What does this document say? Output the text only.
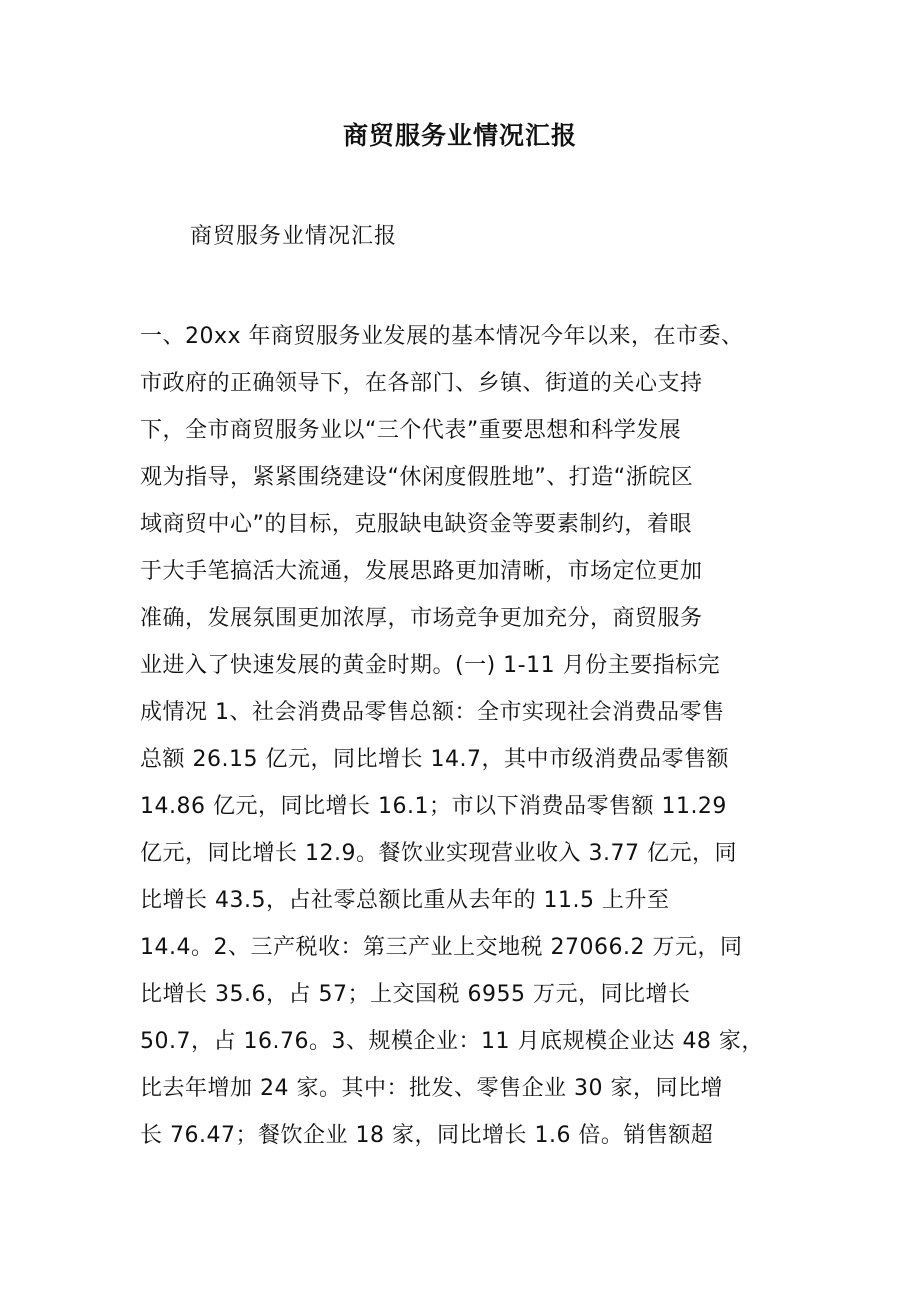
商贸服务业情况汇报
商贸服务业情况汇报
一、20xx 年商贸服务业发展的基本情况今年以来，在市委、
市政府的正确领导下，在各部门、乡镇、街道的关心支持
下，全市商贸服务业以“三个代表”重要思想和科学发展
观为指导，紧紧围绕建设“休闲度假胜地”、打造“浙皖区
域商贸中心”的目标，克服缺电缺资金等要素制约，着眼
于大手笔搞活大流通，发展思路更加清晰，市场定位更加
准确，发展氛围更加浓厚，市场竞争更加充分，商贸服务
业进入了快速发展的黄金时期。(一) 1-11 月份主要指标完
成情况 1、社会消费品零售总额：全市实现社会消费品零售
总额 26.15 亿元，同比增长 14.7，其中市级消费品零售额
14.86 亿元，同比增长 16.1；市以下消费品零售额 11.29
亿元，同比增长 12.9。餐饮业实现营业收入 3.77 亿元，同
比增长 43.5，占社零总额比重从去年的 11.5 上升至
14.4。2、三产税收：第三产业上交地税 27066.2 万元，同
比增长 35.6，占 57；上交国税 6955 万元，同比增长
50.7，占 16.76。3、规模企业：11 月底规模企业达 48 家，
比去年增加 24 家。其中：批发、零售企业 30 家，同比增
长 76.47；餐饮企业 18 家，同比增长 1.6 倍。销售额超
